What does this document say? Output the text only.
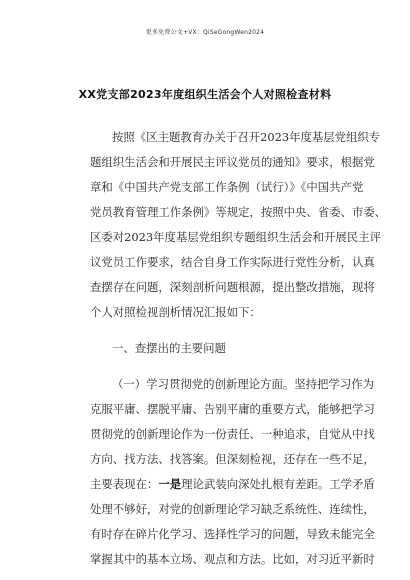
更多免费公文+VX：QiSeGongWen2024
XX党支部2023年度组织生活会个人对照检查材料
按照《区主题教育办关于召开2023年度基层党组织专
题组织生活会和开展民主评议党员的通知》要求，根据党
章和《中国共产党支部工作条例（试行）》《中国共产党
党员教育管理工作条例》等规定，按照中央、省委、市委、
区委对2023年度基层党组织专题组织生活会和开展民主评
议党员工作要求，结合自身工作实际进行党性分析，认真
查摆存在问题，深刻剖析问题根源，提出整改措施，现将
个人对照检视剖析情况汇报如下：
一、查摆出的主要问题
（一）学习贯彻党的创新理论方面。坚持把学习作为
克服平庸、摆脱平庸、告别平庸的重要方式，能够把学习
贯彻党的创新理论作为一份责任、一种追求，自觉从中找
方向、找方法、找答案。但深刻检视，还存在一些不足，
主要表现在：一是理论武装向深处扎根有差距。工学矛盾
处理不够好，对党的创新理论学习缺乏系统性、连续性，
有时存在碎片化学习、选择性学习的问题，导致未能完全
掌握其中的基本立场、观点和方法。比如，对习近平新时
